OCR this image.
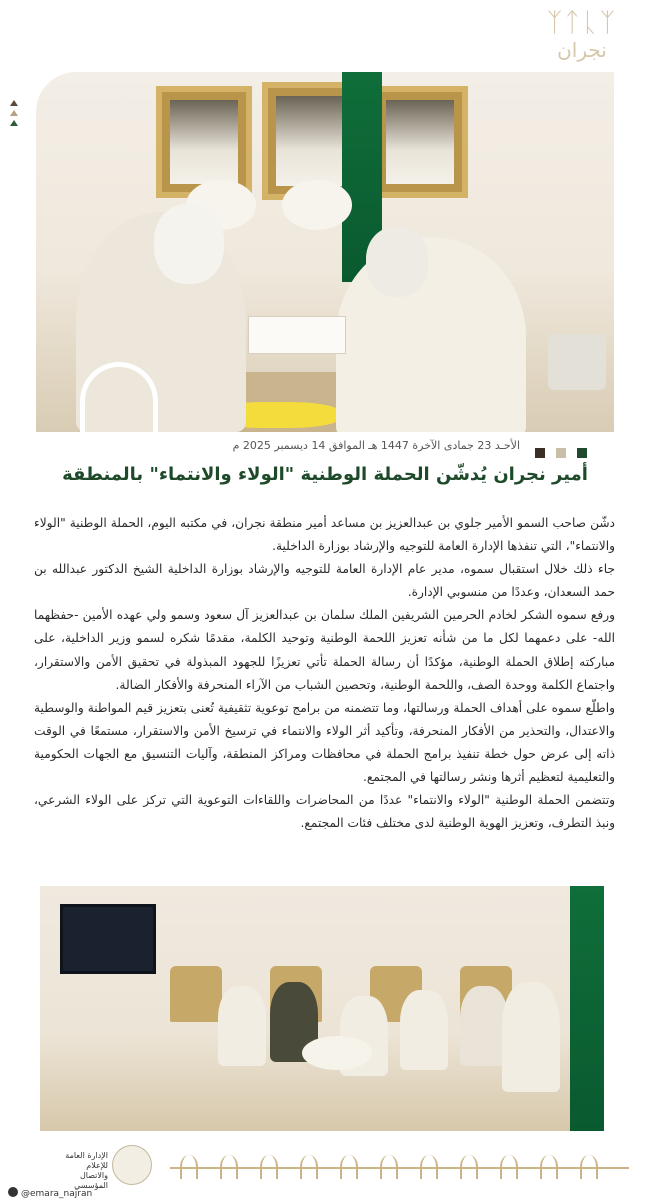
ᛉᛏᚳᛉ
نجران
الأحـد 23 جمادى الآخرة 1447 هـ الموافق 14 ديسمبر 2025 م
أمير نجران يُدشّن الحملة الوطنية "الولاء والانتماء" بالمنطقة

دشّن صاحب السمو الأمير جلوي بن عبدالعزيز بن مساعد أمير منطقة نجران، في مكتبه اليوم، الحملة الوطنية "الولاء والانتماء"، التي تنفذها الإدارة العامة للتوجيه والإرشاد بوزارة الداخلية.

جاء ذلك خلال استقبال سموه، مدير عام الإدارة العامة للتوجيه والإرشاد بوزارة الداخلية الشيخ الدكتور عبدالله بن حمد السعدان، وعددًا من منسوبي الإدارة.

ورفع سموه الشكر لخادم الحرمين الشريفين الملك سلمان بن عبدالعزيز آل سعود وسمو ولي عهده الأمين -حفظهما الله- على دعمهما لكل ما من شأنه تعزيز اللحمة الوطنية وتوحيد الكلمة، مقدمًا شكره لسمو وزير الداخلية، على مباركته إطلاق الحملة الوطنية، مؤكدًا أن رسالة الحملة تأتي تعزيزًا للجهود المبذولة في تحقيق الأمن والاستقرار، واجتماع الكلمة ووحدة الصف، واللحمة الوطنية، وتحصين الشباب من الآراء المنحرفة والأفكار الضالة.

واطلّع سموه على أهداف الحملة ورسالتها، وما تتضمنه من برامج توعوية تثقيفية تُعنى بتعزيز قيم المواطنة والوسطية والاعتدال، والتحذير من الأفكار المنحرفة، وتأكيد أثر الولاء والانتماء في ترسيخ الأمن والاستقرار، مستمعًا في الوقت ذاته إلى عرض حول خطة تنفيذ برامج الحملة في محافظات ومراكز المنطقة، وآليات التنسيق مع الجهات الحكومية والتعليمية لتعظيم أثرها ونشر رسالتها في المجتمع.

وتتضمن الحملة الوطنية "الولاء والانتماء" عددًا من المحاضرات واللقاءات التوعوية التي تركز على الولاء الشرعي، ونبذ التطرف، وتعزيز الهوية الوطنية لدى مختلف فئات المجتمع.

الإدارة العامة للإعلام
والاتصال المؤسسي
@emara_najran
